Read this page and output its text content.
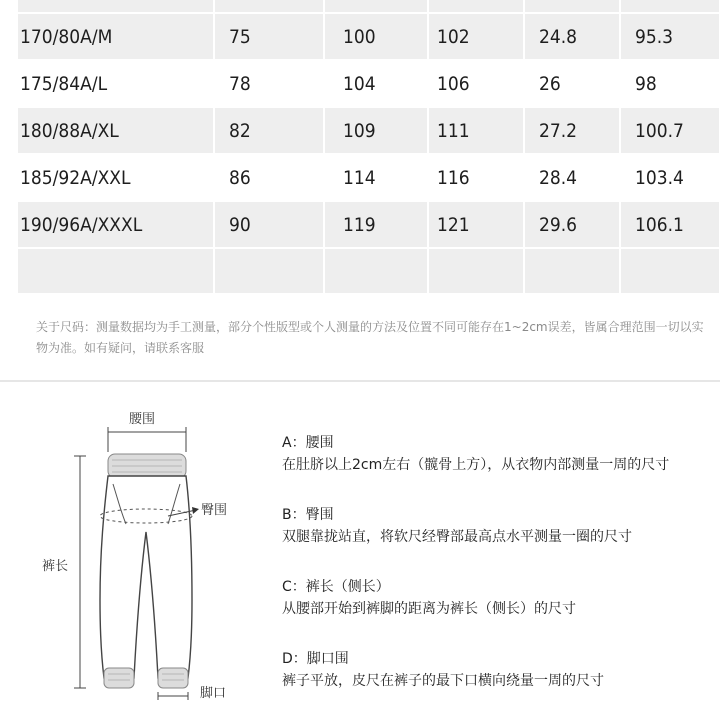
170/80A/M	75	100	102	24.8	95.3
175/84A/L	78	104	106	26	98
180/88A/XL	82	109	111	27.2	100.7
185/92A/XXL	86	114	116	28.4	103.4
190/96A/XXXL	90	119	121	29.6	106.1

关于尺码：测量数据均为手工测量，部分个性版型或个人测量的方法及位置不同可能存在1~2cm误差，皆属合理范围一切以实物为准。如有疑问，请联系客服
腰围
臀围
裤长
脚口
A：腰围
在肚脐以上2cm左右（髋骨上方），从衣物内部测量一周的尺寸
B：臀围
双腿靠拢站直，将软尺经臀部最高点水平测量一圈的尺寸
C：裤长（侧长）
从腰部开始到裤脚的距离为裤长（侧长）的尺寸
D：脚口围
裤子平放，皮尺在裤子的最下口横向绕量一周的尺寸
